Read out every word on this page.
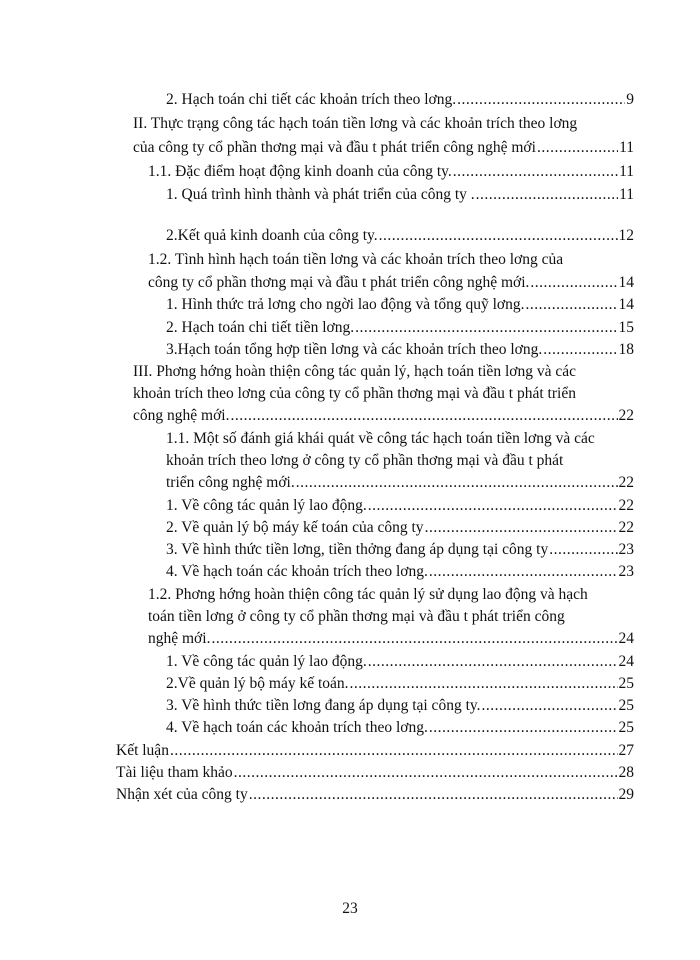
2. Hạch toán chi tiết các khoản trích theo lơng. .....	9
II. Thực trạng công tác hạch toán tiền lơng và các khoản trích theo lơng
của công ty cổ phần thơng mại và đầu t phát triển công nghệ mới .....	11
1.1. Đặc điểm hoạt động kinh doanh của công ty. .....	11
1. Quá trình hình thành và phát triển của công ty . .....	11
2.Kết quả kinh doanh của công ty. .....	12
1.2. Tình hình hạch toán tiền lơng và các khoản trích theo lơng của
công ty cổ phần thơng mại và đầu t phát triển công nghệ mới. .....	14
1. Hình thức trả lơng cho ngời lao động và tổng quỹ lơng. .....	14
2. Hạch toán chi tiết tiền lơng. .....	15
3.Hạch toán tổng hợp tiền lơng và các khoản trích theo lơng. .....	18
III. Phơng hớng hoàn thiện công tác quản lý, hạch toán tiền lơng và các
khoản trích theo lơng của công ty cổ phần thơng mại và đầu t phát triển
công nghệ mới. .....	22
1.1. Một số đánh giá khái quát về công tác hạch toán tiền lơng và các
khoản trích theo lơng ở công ty cổ phần thơng mại và đầu t phát
triển công nghệ mới. .....	22
1. Về công tác quản lý lao động. .....	22
2. Về quản lý bộ máy kế toán của công ty .....	22
3. Về hình thức tiền lơng, tiền thởng đang áp dụng tại công ty .....	23
4. Về hạch toán các khoản trích theo lơng. .....	23
1.2. Phơng hớng hoàn thiện công tác quản lý sử dụng lao động và hạch
toán tiền lơng ở công ty cổ phần thơng mại và đầu t phát triển công
nghệ mới. .....	24
1. Về công tác quản lý lao động. .....	24
2.Về quản lý bộ máy kế toán. .....	25
3. Về hình thức tiền lơng đang áp dụng tại công ty. .....	25
4. Về hạch toán các khoản trích theo lơng. .....	25
Kết luận .....	27
Tài liệu tham khảo .....	28
Nhận xét của công ty .....	29
23
